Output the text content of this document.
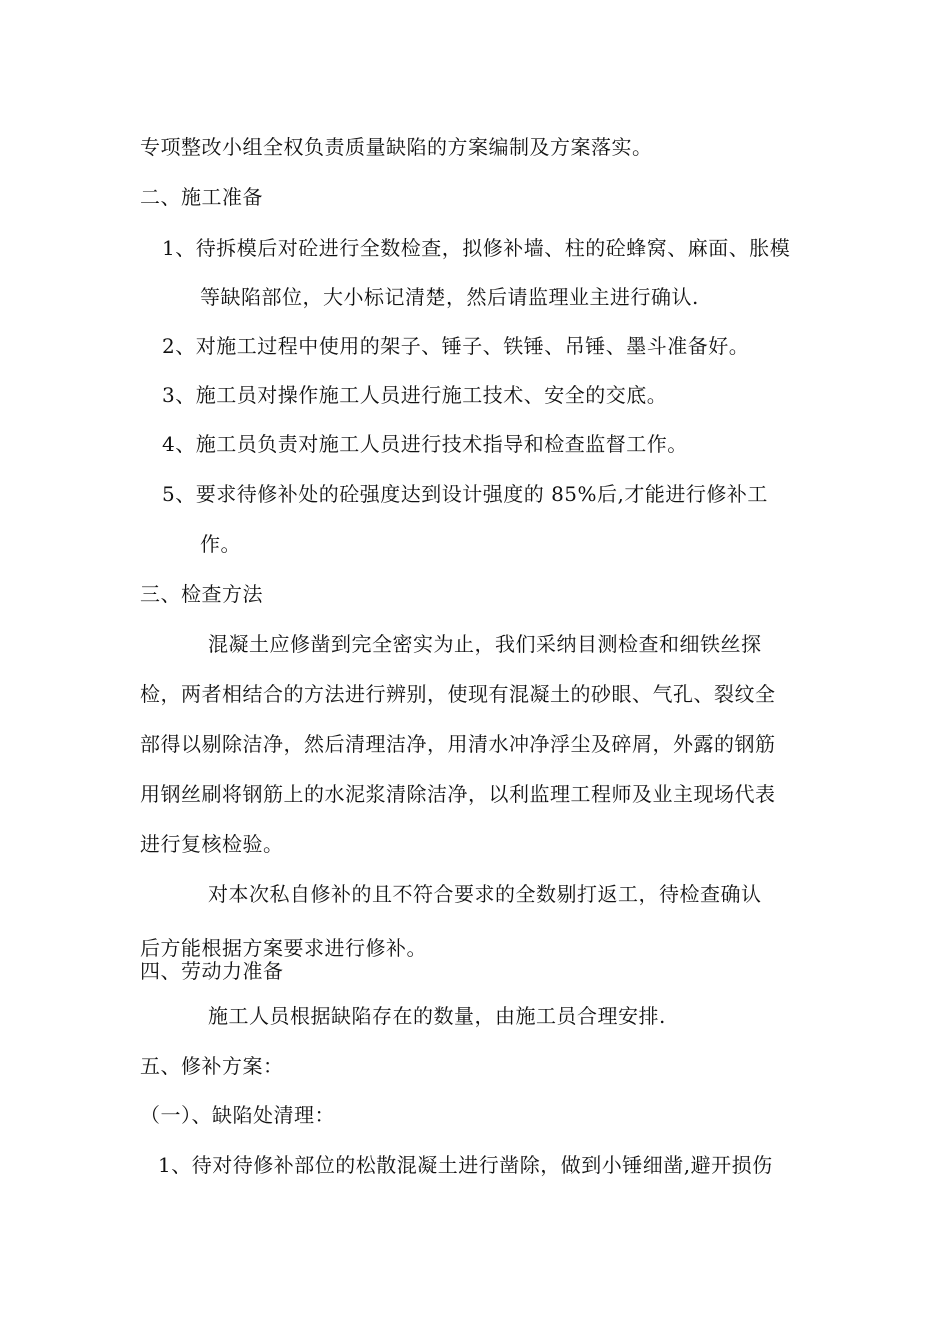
专项整改小组全权负责质量缺陷的方案编制及方案落实。
二、施工准备
1、待拆模后对砼进行全数检查，拟修补墙、柱的砼蜂窝、麻面、胀模
等缺陷部位，大小标记清楚，然后请监理业主进行确认.
2、对施工过程中使用的架子、锤子、铁锤、吊锤、墨斗准备好。
3、施工员对操作施工人员进行施工技术、安全的交底。
4、施工员负责对施工人员进行技术指导和检查监督工作。
5、要求待修补处的砼强度达到设计强度的 85%后,才能进行修补工
作。
三、检查方法
混凝土应修凿到完全密实为止，我们采纳目测检查和细铁丝探
检，两者相结合的方法进行辨别，使现有混凝土的砂眼、气孔、裂纹全
部得以剔除洁净，然后清理洁净，用清水冲净浮尘及碎屑，外露的钢筋
用钢丝刷将钢筋上的水泥浆清除洁净，以利监理工程师及业主现场代表
进行复核检验。
对本次私自修补的且不符合要求的全数剔打返工，待检查确认
后方能根据方案要求进行修补。
四、劳动力准备
施工人员根据缺陷存在的数量，由施工员合理安排.
五、修补方案：
（一）、缺陷处清理：
1、待对待修补部位的松散混凝土进行凿除，做到小锤细凿,避开损伤
